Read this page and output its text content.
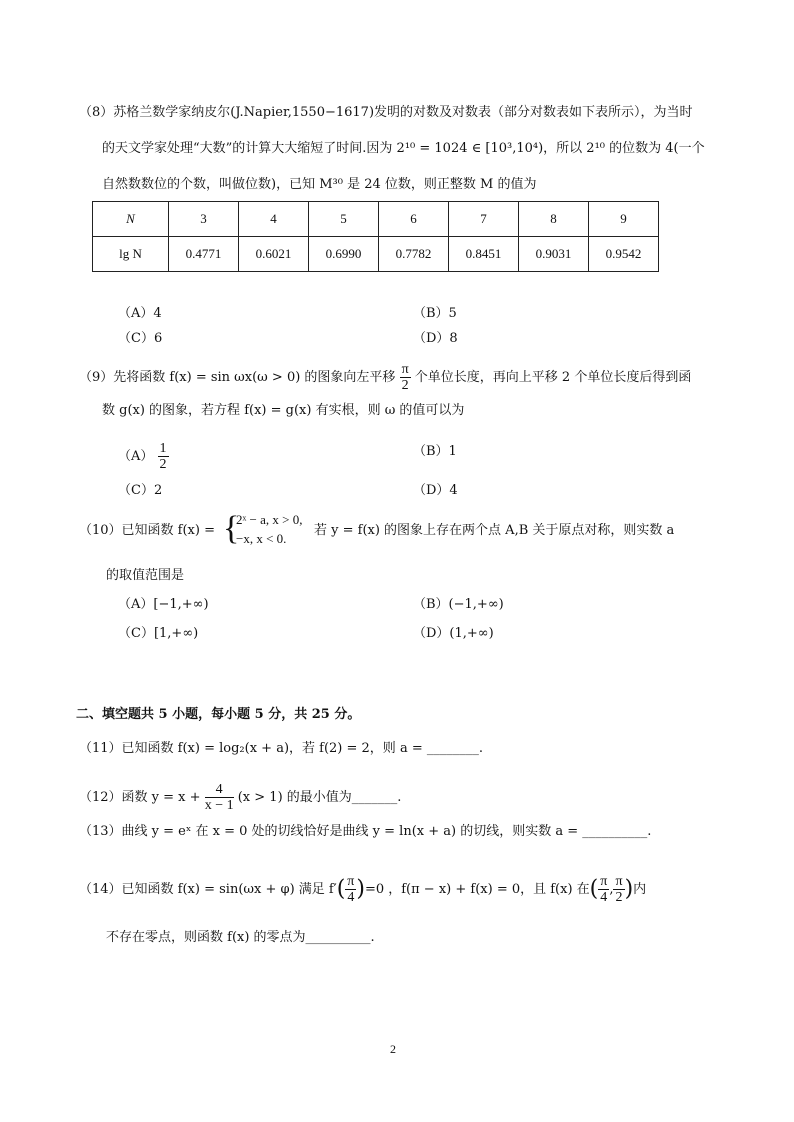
（8）苏格兰数学家纳皮尔(J.Napier,1550−1617)发明的对数及对数表（部分对数表如下表所示），为当时
的天文学家处理“大数”的计算大大缩短了时间.因为 2¹⁰ = 1024 ∈ [10³,10⁴)，所以 2¹⁰ 的位数为 4(一个
自然数数位的个数，叫做位数)，已知 M³⁰ 是 24 位数，则正整数 M 的值为
N	3	4	5	6	7	8	9
lg N	0.4771	0.6021	0.6990	0.7782	0.8451	0.9031	0.9542
（A）4	（B）5
（C）6	（D）8
（9）先将函数 f(x) = sin ωx(ω > 0) 的图象向左平移 $\frac{\pi}{2}$ 个单位长度，再向上平移 2 个单位长度后得到函
数 g(x) 的图象，若方程 f(x) = g(x) 有实根，则 ω 的值可以为
$(A) \frac{1}{2}$	（B）1
（C）2	（D）4
（10）已知函数 f(x) = {
2ˣ − a, x > 0,
−x, x < 0.
若 y = f(x) 的图象上存在两个点 A,B 关于原点对称，则实数 a
的取值范围是
（A）[−1,+∞)	（B）(−1,+∞)
（C）[1,+∞)	（D）(1,+∞)
二、填空题共 5 小题，每小题 5 分，共 25 分。
（11）已知函数 f(x) = log₂(x + a)，若 f(2) = 2，则 a = ________.
（12）函数 $y = x + \frac{4}{x - 1} (x > 1)$ 的最小值为_______.
（13）曲线 y = eˣ 在 x = 0 处的切线恰好是曲线 y = ln(x + a) 的切线，则实数 a = __________.
（14）已知函数 f(x) = sin(ωx + φ) 满足 $f'( \frac{\pi}{4} )=0$ ，f(π − x) + f(x) = 0，且 f(x) 在( $\frac{\pi}{4}$ , $\frac{\pi}{2}$ )内
不存在零点，则函数 f(x) 的零点为__________.
2
